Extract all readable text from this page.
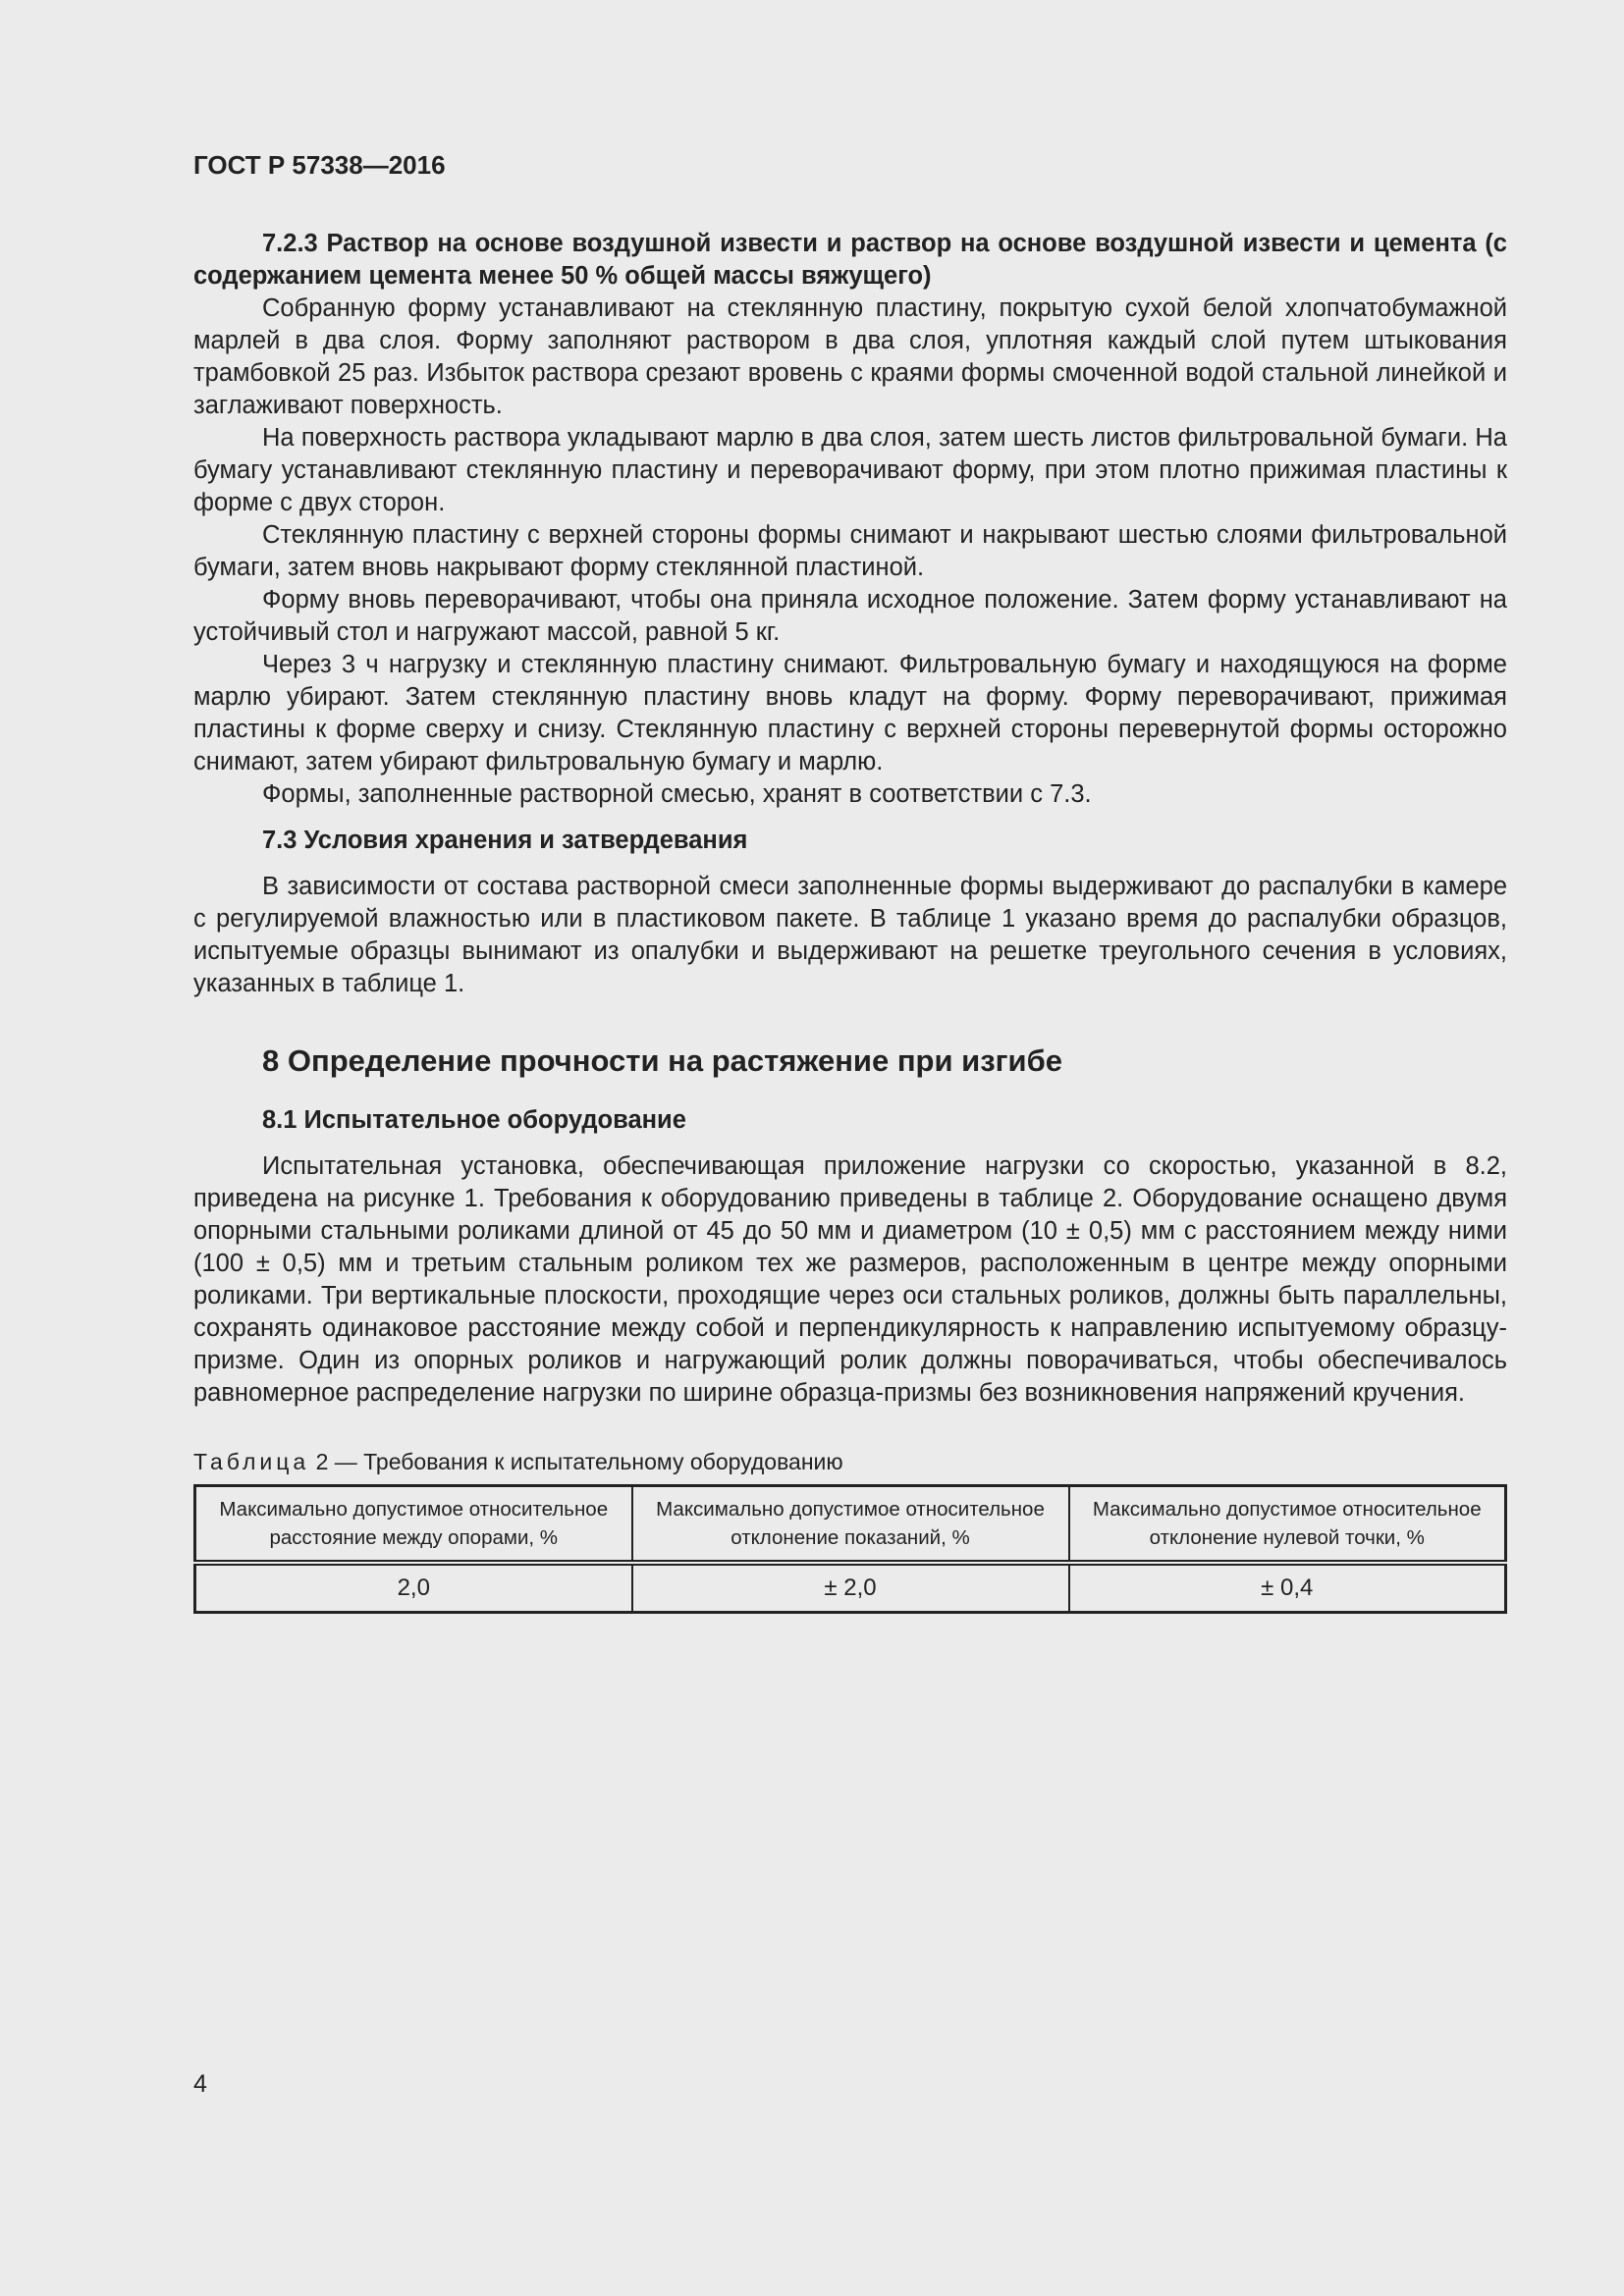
ГОСТ Р 57338—2016
7.2.3 Раствор на основе воздушной извести и раствор на основе воздушной извести и цемента (с содержанием цемента менее 50 % общей массы вяжущего)

Собранную форму устанавливают на стеклянную пластину, покрытую сухой белой хлопчатобумажной марлей в два слоя. Форму заполняют раствором в два слоя, уплотняя каждый слой путем штыкования трамбовкой 25 раз. Избыток раствора срезают вровень с краями формы смоченной водой стальной линейкой и заглаживают поверхность.

На поверхность раствора укладывают марлю в два слоя, затем шесть листов фильтровальной бумаги. На бумагу устанавливают стеклянную пластину и переворачивают форму, при этом плотно прижимая пластины к форме с двух сторон.

Стеклянную пластину с верхней стороны формы снимают и накрывают шестью слоями фильтровальной бумаги, затем вновь накрывают форму стеклянной пластиной.

Форму вновь переворачивают, чтобы она приняла исходное положение. Затем форму устанавливают на устойчивый стол и нагружают массой, равной 5 кг.

Через 3 ч нагрузку и стеклянную пластину снимают. Фильтровальную бумагу и находящуюся на форме марлю убирают. Затем стеклянную пластину вновь кладут на форму. Форму переворачивают, прижимая пластины к форме сверху и снизу. Стеклянную пластину с верхней стороны перевернутой формы осторожно снимают, затем убирают фильтровальную бумагу и марлю.

Формы, заполненные растворной смесью, хранят в соответствии с 7.3.

7.3 Условия хранения и затвердевания

В зависимости от состава растворной смеси заполненные формы выдерживают до распалубки в камере с регулируемой влажностью или в пластиковом пакете. В таблице 1 указано время до распалубки образцов, испытуемые образцы вынимают из опалубки и выдерживают на решетке треугольного сечения в условиях, указанных в таблице 1.

8 Определение прочности на растяжение при изгибе
8.1 Испытательное оборудование

Испытательная установка, обеспечивающая приложение нагрузки со скоростью, указанной в 8.2, приведена на рисунке 1. Требования к оборудованию приведены в таблице 2. Оборудование оснащено двумя опорными стальными роликами длиной от 45 до 50 мм и диаметром (10 ± 0,5) мм с расстоянием между ними (100 ± 0,5) мм и третьим стальным роликом тех же размеров, расположенным в центре между опорными роликами. Три вертикальные плоскости, проходящие через оси стальных роликов, должны быть параллельны, сохранять одинаковое расстояние между собой и перпендикулярность к направлению испытуемому образцу-призме. Один из опорных роликов и нагружающий ролик должны поворачиваться, чтобы обеспечивалось равномерное распределение нагрузки по ширине образца-призмы без возникновения напряжений кручения.

Таблица 2 — Требования к испытательному оборудованию
Максимально допустимое относительное расстояние между опорами, %	Максимально допустимое относительное отклонение показаний, %	Максимально допустимое относительное отклонение нулевой точки, %
2,0	± 2,0	± 0,4
4
